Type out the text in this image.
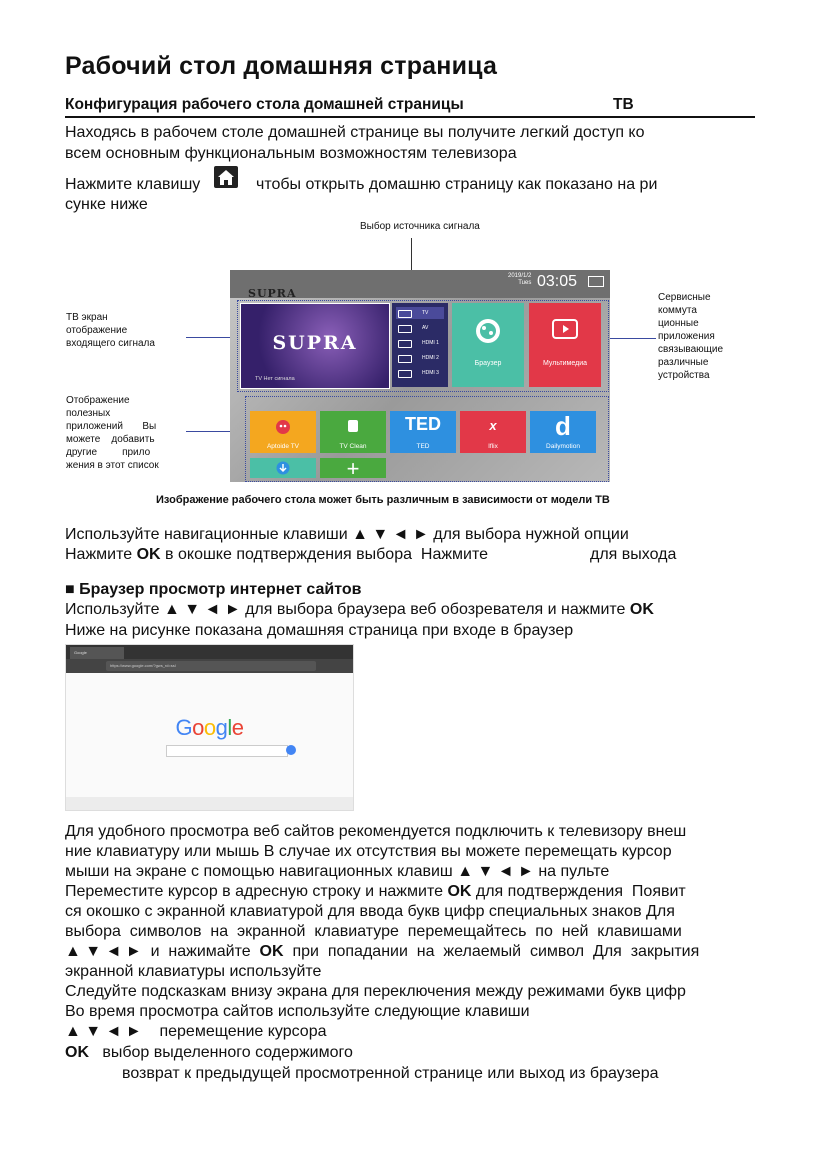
Рабочий стол домашняя страница
Конфигурация рабочего стола домашней страницы	ТВ
Находясь в рабочем столе домашней странице вы получите легкий доступ ко
всем основным функциональным возможностям телевизора
Нажмите клавишу	чтобы открыть домашню страницу как показано на ри
сунке ниже
Выбор источника сигнала
ТВ экран
отображение
входящего сигнала
Сервисные
коммута
ционные
приложения
связывающие
различные
устройства
Отображение
полезных
приложений       Вы
можете    добавить
другие         прило
жения в этот список
SUPRA
2019/1/2
Tues 03:05
SUPRA
TV Нет сигнала
TV
AV
HDMI 1
HDMI 2
HDMI 3
Браузер	Мультимедиа
Aptoide TV	TV Clean
TED
TED
x
Iflix
d
Dailymotion
+
Изображение рабочего стола может быть различным в зависимости от модели ТВ
Используйте навигационные клавиши ▲ ▼ ◄ ► для выбора нужной опции
Нажмите OK в окошке подтверждения выбора  Нажмите	для выхода
■ Браузер просмотр интернет сайтов
Используйте ▲ ▼ ◄ ► для выбора браузера веб обозревателя и нажмите OK
Ниже на рисунке показана домашняя страница при входе в браузер
Google
https://www.google.com/?gws_rd=ssl
Google
Для удобного просмотра веб сайтов рекомендуется подключить к телевизору внеш
ние клавиатуру или мышь В случае их отсутствия вы можете перемещать курсор
мыши на экране с помощью навигационных клавиш ▲ ▼ ◄ ► на пульте
Переместите курсор в адресную строку и нажмите OK для подтверждения  Появит
ся окошко с экранной клавиатурой для ввода букв цифр специальных знаков Для
выбора  символов  на  экранной  клавиатуре  перемещайтесь  по  ней  клавишами
▲ ▼ ◄ ►  и  нажимайте  OK  при  попадании  на  желаемый  символ  Для  закрытия
экранной клавиатуры используйте
Следуйте подсказкам внизу экрана для переключения между режимами букв цифр
Во время просмотра сайтов используйте следующие клавиши
▲ ▼ ◄ ►    перемещение курсора
OK   выбор выделенного содержимого
возврат к предыдущей просмотренной странице или выход из браузера
